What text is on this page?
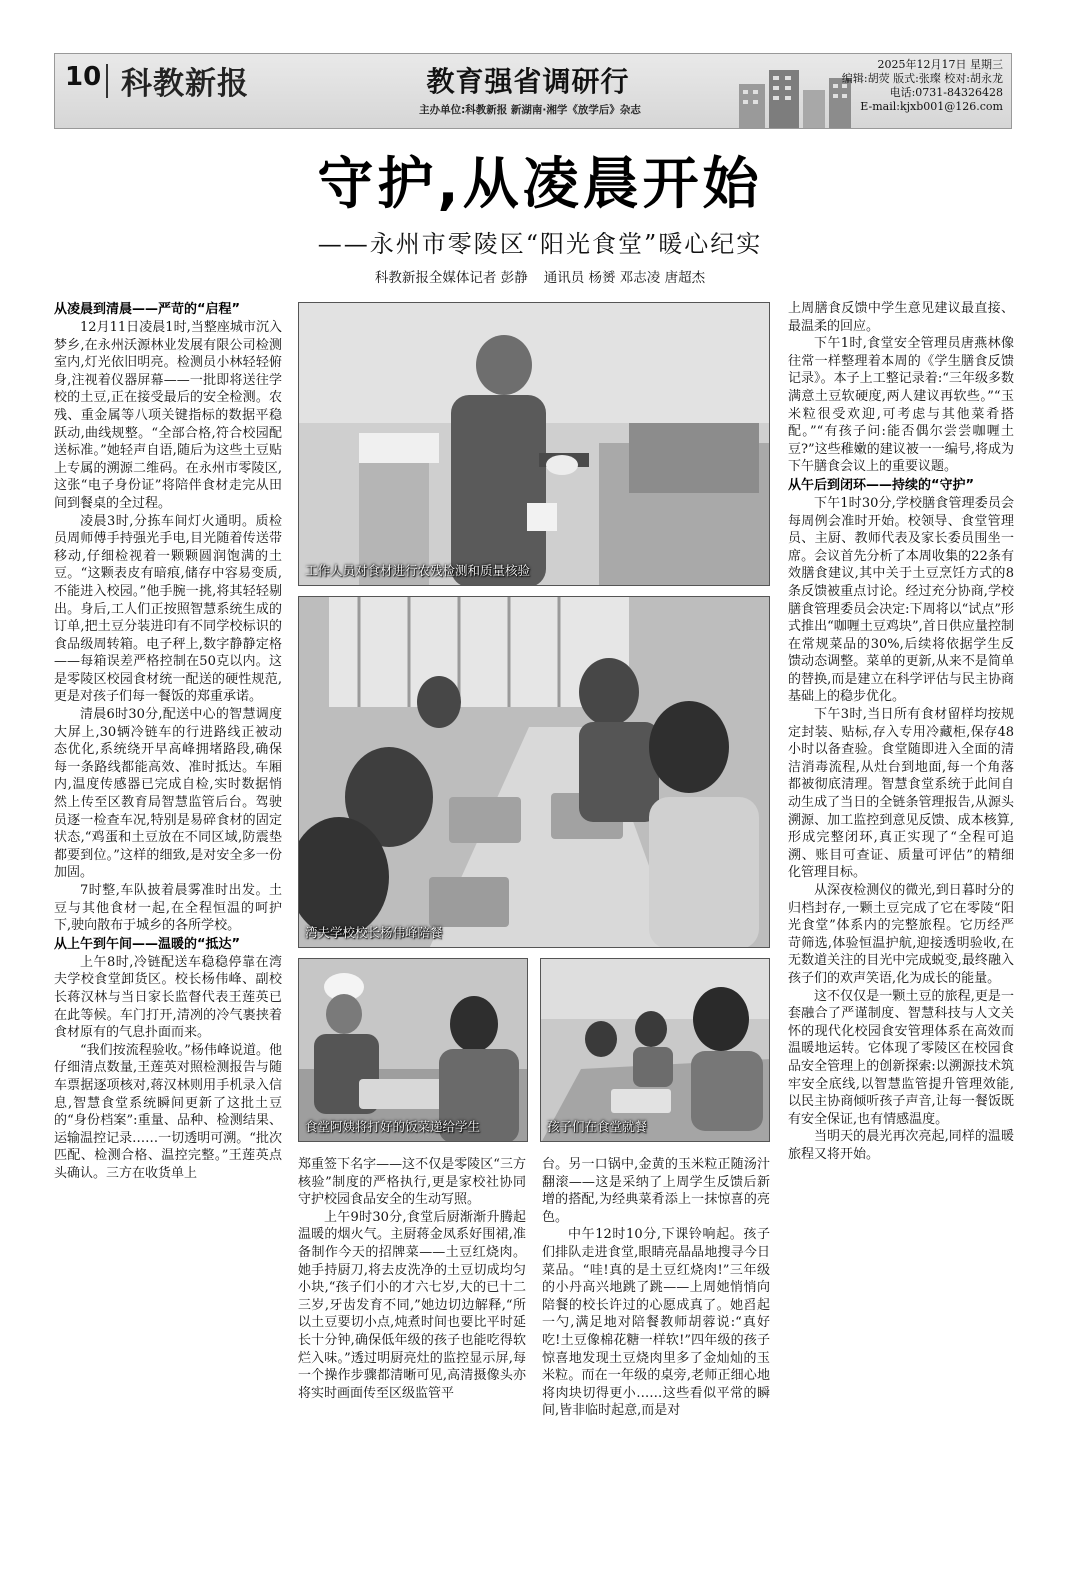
10 科教新报	教育强省调研行
主办单位:科教新报 新湖南·湘学《放学后》杂志
2025年12月17日 星期三
编辑:胡荧 版式:张璨 校对:胡永龙
电话:0731-84326428
E-mail:kjxb001@126.com
守护,从凌晨开始
——永州市零陵区“阳光食堂”暖心纪实
科教新报全媒体记者 彭静 通讯员 杨赟 邓志凌 唐超杰
从凌晨到清晨——严苛的“启程”

12月11日凌晨1时,当整座城市沉入梦乡,在永州沃源林业发展有限公司检测室内,灯光依旧明亮。检测员小林轻轻俯身,注视着仪器屏幕——一批即将送往学校的土豆,正在接受最后的安全检测。农残、重金属等八项关键指标的数据平稳跃动,曲线规整。“全部合格,符合校园配送标准。”她轻声自语,随后为这些土豆贴上专属的溯源二维码。在永州市零陵区,这张“电子身份证”将陪伴食材走完从田间到餐桌的全过程。

凌晨3时,分拣车间灯火通明。质检员周师傅手持强光手电,目光随着传送带移动,仔细检视着一颗颗圆润饱满的土豆。“这颗表皮有暗痕,储存中容易变质,不能进入校园。”他手腕一挑,将其轻轻剔出。身后,工人们正按照智慧系统生成的订单,把土豆分装进印有不同学校标识的食品级周转箱。电子秤上,数字静静定格——每箱误差严格控制在50克以内。这是零陵区校园食材统一配送的硬性规范,更是对孩子们每一餐饭的郑重承诺。

清晨6时30分,配送中心的智慧调度大屏上,30辆冷链车的行进路线正被动态优化,系统绕开早高峰拥堵路段,确保每一条路线都能高效、准时抵达。车厢内,温度传感器已完成自检,实时数据悄然上传至区教育局智慧监管后台。驾驶员逐一检查车况,特别是易碎食材的固定状态,“鸡蛋和土豆放在不同区域,防震垫都要到位。”这样的细致,是对安全多一份加固。

7时整,车队披着晨雾准时出发。土豆与其他食材一起,在全程恒温的呵护下,驶向散布于城乡的各所学校。

从上午到午间——温暖的“抵达”

上午8时,冷链配送车稳稳停靠在湾夫学校食堂卸货区。校长杨伟峰、副校长蒋汉林与当日家长监督代表王莲英已在此等候。车门打开,清冽的冷气裹挟着食材原有的气息扑面而来。

“我们按流程验收。”杨伟峰说道。他仔细清点数量,王莲英对照检测报告与随车票据逐项核对,蒋汉林则用手机录入信息,智慧食堂系统瞬间更新了这批土豆的“身份档案”:重量、品种、检测结果、运输温控记录……一切透明可溯。“批次匹配、检测合格、温控完整。”王莲英点头确认。三方在收货单上

工作人员对食材进行农残检测和质量核验
湾夫学校校长杨伟峰陪餐
食堂阿姨将打好的饭菜递给学生	孩子们在食堂就餐

郑重签下名字——这不仅是零陵区“三方核验”制度的严格执行,更是家校社协同守护校园食品安全的生动写照。

上午9时30分,食堂后厨渐渐升腾起温暖的烟火气。主厨蒋金凤系好围裙,准备制作今天的招牌菜——土豆红烧肉。她手持厨刀,将去皮洗净的土豆切成均匀小块,“孩子们小的才六七岁,大的已十二三岁,牙齿发育不同,”她边切边解释,“所以土豆要切小点,炖煮时间也要比平时延长十分钟,确保低年级的孩子也能吃得软烂入味。”透过明厨亮灶的监控显示屏,每一个操作步骤都清晰可见,高清摄像头亦将实时画面传至区级监管平

台。另一口锅中,金黄的玉米粒正随汤汁翻滚——这是采纳了上周学生反馈后新增的搭配,为经典菜肴添上一抹惊喜的亮色。

中午12时10分,下课铃响起。孩子们排队走进食堂,眼睛亮晶晶地搜寻今日菜品。“哇!真的是土豆红烧肉!”三年级的小丹高兴地跳了跳——上周她悄悄向陪餐的校长许过的心愿成真了。她舀起一勺,满足地对陪餐教师胡蓉说:“真好吃!土豆像棉花糖一样软!”四年级的孩子惊喜地发现土豆烧肉里多了金灿灿的玉米粒。而在一年级的桌旁,老师正细心地将肉块切得更小……这些看似平常的瞬间,皆非临时起意,而是对

上周膳食反馈中学生意见建议最直接、最温柔的回应。

下午1时,食堂安全管理员唐燕林像往常一样整理着本周的《学生膳食反馈记录》。本子上工整记录着:“三年级多数满意土豆软硬度,两人建议再软些。”“玉米粒很受欢迎,可考虑与其他菜肴搭配。”“有孩子问:能否偶尔尝尝咖喱土豆?”这些稚嫩的建议被一一编号,将成为下午膳食会议上的重要议题。

从午后到闭环——持续的“守护”

下午1时30分,学校膳食管理委员会每周例会准时开始。校领导、食堂管理员、主厨、教师代表及家长委员围坐一席。会议首先分析了本周收集的22条有效膳食建议,其中关于土豆烹饪方式的8条反馈被重点讨论。经过充分协商,学校膳食管理委员会决定:下周将以“试点”形式推出“咖喱土豆鸡块”,首日供应量控制在常规菜品的30%,后续将依据学生反馈动态调整。菜单的更新,从来不是简单的替换,而是建立在科学评估与民主协商基础上的稳步优化。

下午3时,当日所有食材留样均按规定封装、贴标,存入专用冷藏柜,保存48小时以备查验。食堂随即进入全面的清洁消毒流程,从灶台到地面,每一个角落都被彻底清理。智慧食堂系统于此间自动生成了当日的全链条管理报告,从源头溯源、加工监控到意见反馈、成本核算,形成完整闭环,真正实现了“全程可追溯、账目可查证、质量可评估”的精细化管理目标。

从深夜检测仪的微光,到日暮时分的归档封存,一颗土豆完成了它在零陵“阳光食堂”体系内的完整旅程。它历经严苛筛选,体验恒温护航,迎接透明验收,在无数道关注的目光中完成蜕变,最终融入孩子们的欢声笑语,化为成长的能量。

这不仅仅是一颗土豆的旅程,更是一套融合了严谨制度、智慧科技与人文关怀的现代化校园食安管理体系在高效而温暖地运转。它体现了零陵区在校园食品安全管理上的创新探索:以溯源技术筑牢安全底线,以智慧监管提升管理效能,以民主协商倾听孩子声音,让每一餐饭既有安全保证,也有情感温度。

当明天的晨光再次亮起,同样的温暖旅程又将开始。
